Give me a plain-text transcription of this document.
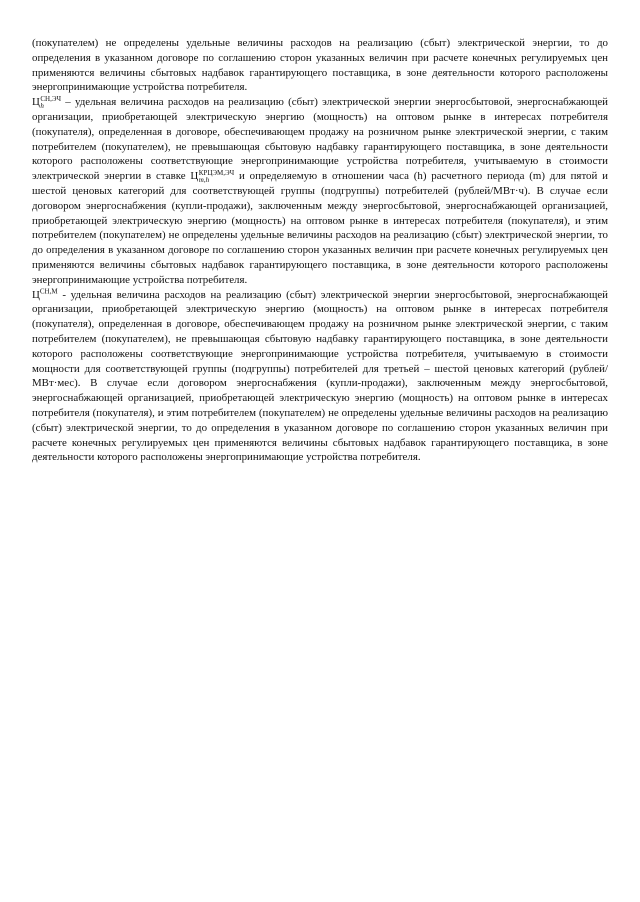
(покупателем) не определены удельные величины расходов на реализацию (сбыт) электрической энергии, то до определения в указанном договоре по соглашению сторон указанных величин при расчете конечных регулируемых цен применяются величины сбытовых надбавок гарантирующего поставщика, в зоне деятельности которого расположены энергопринимающие устройства потребителя.

Ц СН,ЭЧ
h	– удельная величина расходов на реализацию (сбыт) электрической энергии энергосбытовой, энергоснабжающей организации, приобретающей электрическую энергию (мощность) на оптовом рынке в интересах потребителя (покупателя), определенная в договоре, обеспечивающем продажу на розничном рынке электрической энергии, с таким потребителем (покупателем), не превышающая сбытовую надбавку гарантирующего поставщика, в зоне деятельности которого расположены соответствующие энергопринимающие устройства потребителя, учитываемую в стоимости электрической энергии в ставке Ц КРЦЭМ,ЭЧ
m,h	и определяемую в отношении часа (h) расчетного периода (m) для пятой и шестой ценовых категорий для соответствующей группы (подгруппы) потребителей (рублей/МВт·ч). В случае если договором энергоснабжения (купли-продажи), заключенным между энергосбытовой, энергоснабжающей организацией, приобретающей электрическую энергию (мощность) на оптовом рынке в интересах потребителя (покупателя), и этим потребителем (покупателем) не определены удельные величины расходов на реализацию (сбыт) электрической энергии, то до определения в указанном договоре по соглашению сторон указанных величин при расчете конечных регулируемых цен применяются величины сбытовых надбавок гарантирующего поставщика, в зоне деятельности которого расположены энергопринимающие устройства потребителя.

$Ц^{СН,М}$ - удельная величина расходов на реализацию (сбыт) электрической энергии энергосбытовой, энергоснабжающей организации, приобретающей электрическую энергию (мощность) на оптовом рынке в интересах потребителя (покупателя), определенная в договоре, обеспечивающем продажу на розничном рынке электрической энергии, с таким потребителем (покупателем), не превышающая сбытовую надбавку гарантирующего поставщика, в зоне деятельности которого расположены соответствующие энергопринимающие устройства потребителя, учитываемую в стоимости мощности для соответствующей группы (подгруппы) потребителей для третьей – шестой ценовых категорий (рублей/МВт·мес). В случае если договором энергоснабжения (купли-продажи), заключенным между энергосбытовой, энергоснабжающей организацией, приобретающей электрическую энергию (мощность) на оптовом рынке в интересах потребителя (покупателя), и этим потребителем (покупателем) не определены удельные величины расходов на реализацию (сбыт) электрической энергии, то до определения в указанном договоре по соглашению сторон указанных величин при расчете конечных регулируемых цен применяются величины сбытовых надбавок гарантирующего поставщика, в зоне деятельности которого расположены энергопринимающие устройства потребителя.
